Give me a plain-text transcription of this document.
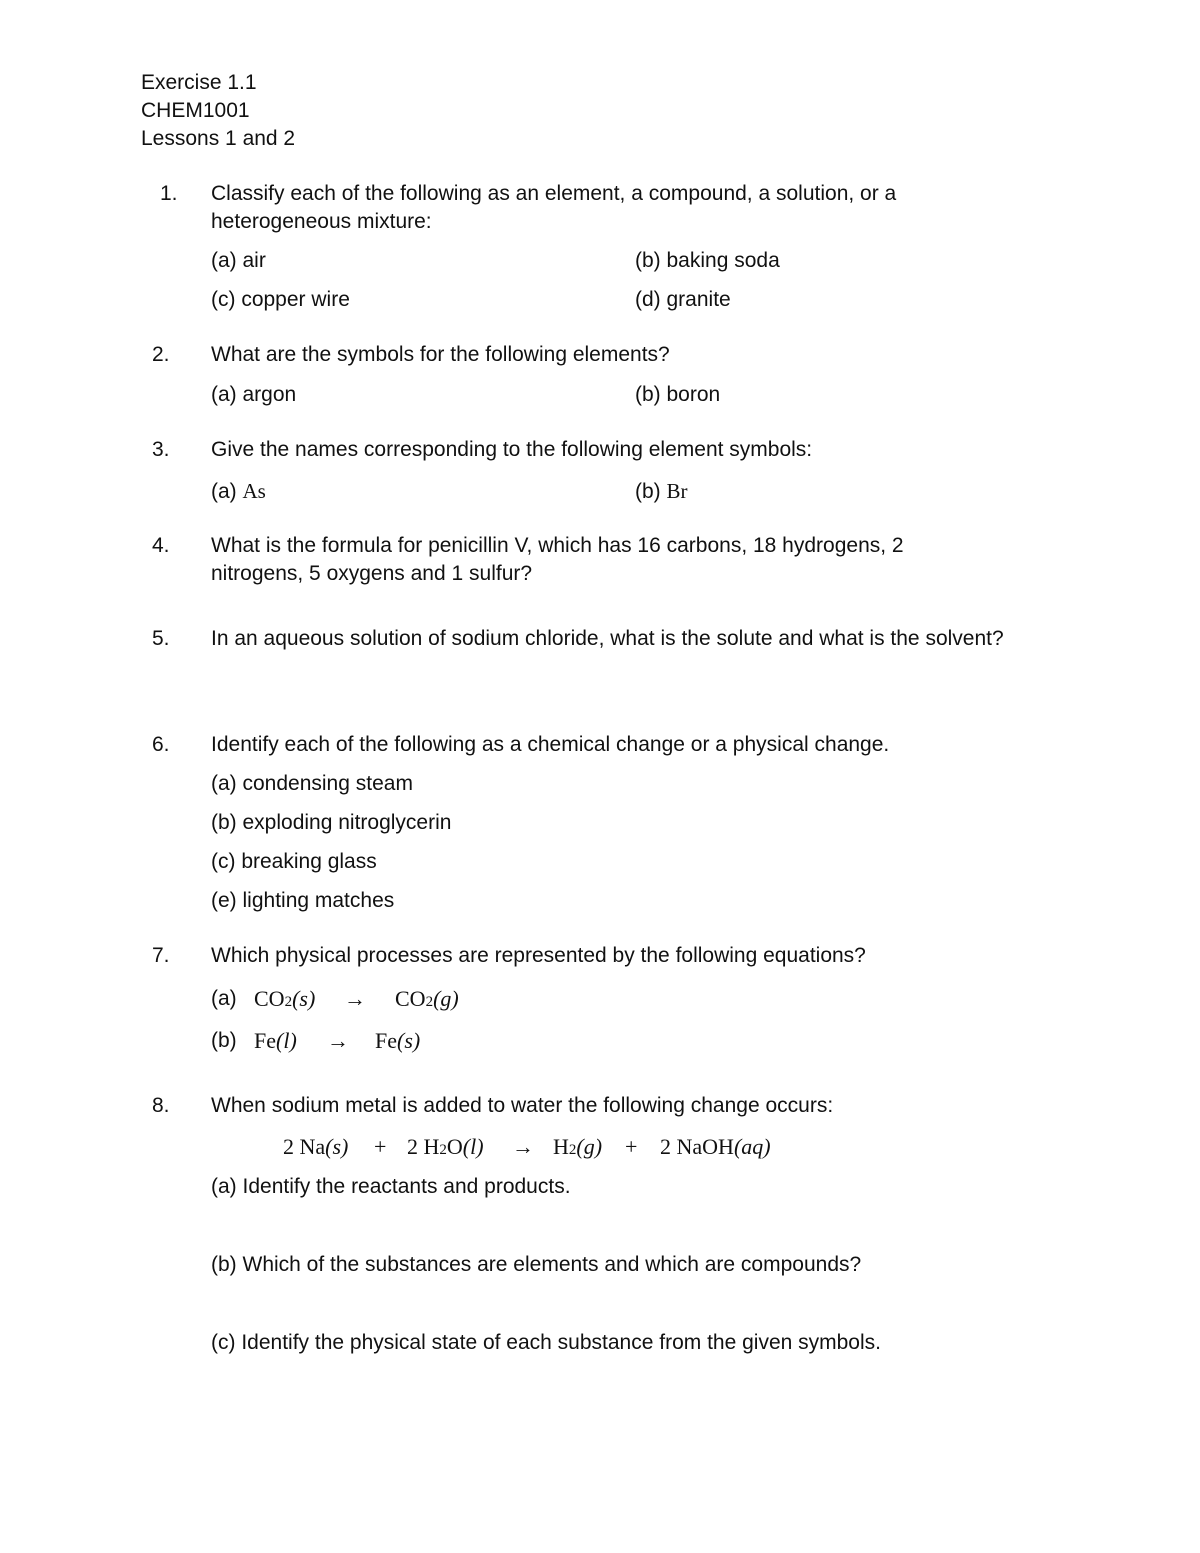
Exercise 1.1
CHEM1001
Lessons 1 and 2
1. Classify each of the following as an element, a compound, a solution, or a heterogeneous mixture:
(a) air	(b) baking soda
(c) copper wire	(d) granite
2. What are the symbols for the following elements?
(a) argon	(b) boron
3. Give the names corresponding to the following element symbols:
(a) As	(b) Br
4. What is the formula for penicillin V, which has 16 carbons, 18 hydrogens, 2 nitrogens, 5 oxygens and 1 sulfur?
5. In an aqueous solution of sodium chloride, what is the solute and what is the solvent?
6. Identify each of the following as a chemical change or a physical change.
(a) condensing steam
(b) exploding nitroglycerin
(c) breaking glass
(e) lighting matches
7. Which physical processes are represented by the following equations?
(a) CO2(s) → CO2(g)
(b) Fe(l) → Fe(s)
8. When sodium metal is added to water the following change occurs:
2 Na(s) + 2 H2O(l) → H2(g) + 2 NaOH(aq)
(a) Identify the reactants and products.
(b) Which of the substances are elements and which are compounds?
(c) Identify the physical state of each substance from the given symbols.
